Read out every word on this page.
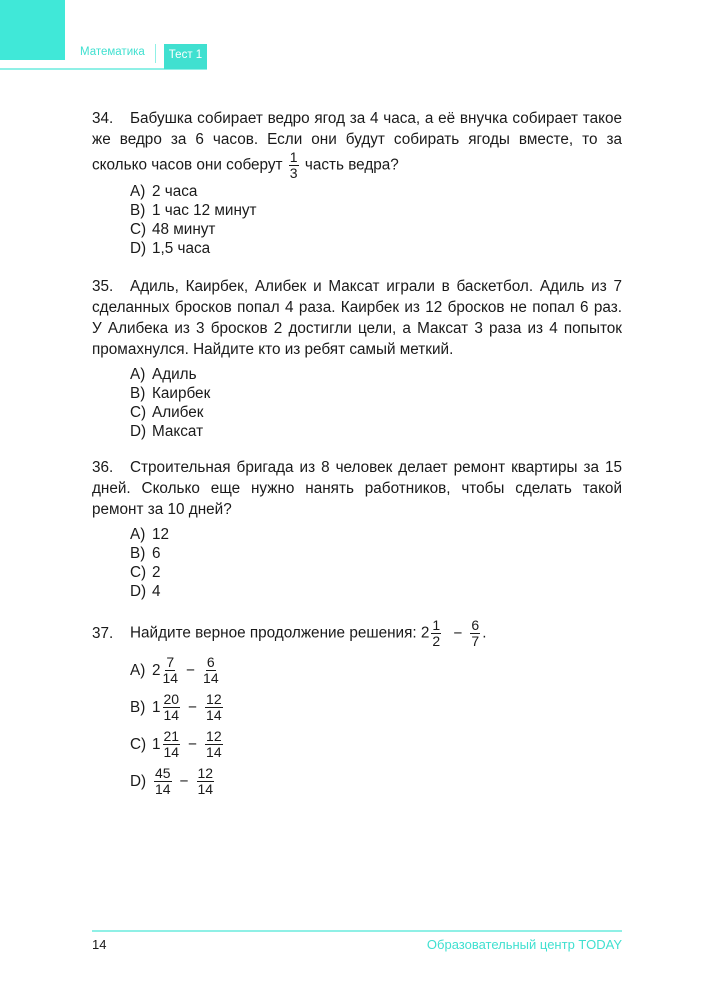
Математика	Тест 1
34. Бабушка собирает ведро ягод за 4 часа, а её внучка собирает такое же ведро за 6 часов. Если они будут собирать ягоды вместе, то за сколько часов они соберут $\frac{1}{3}$ часть ведра?
A) 2 часа
B) 1 час 12 минут
C) 48 минут
D) 1,5 часа
35. Адиль, Каирбек, Алибек и Максат играли в баскетбол. Адиль из 7 сделанных бросков попал 4 раза. Каирбек из 12 бросков не попал 6 раз. У Алибека из 3 бросков 2 достигли цели, а Максат 3 раза из 4 попыток промахнулся. Найдите кто из ребят самый меткий.
A) Адиль
B) Каирбек
C) Алибек
D) Максат
36. Строительная бригада из 8 человек делает ремонт квартиры за 15 дней. Сколько еще нужно нанять работников, чтобы сделать такой ремонт за 10 дней?
A) 12
B) 6
C) 2
D) 4
37. Найдите верное продолжение решения: $2 \frac{1}{2} - \frac{6}{7}$ .
A) $2 \frac{7}{14} - \frac{6}{14}$
B) $1 \frac{20}{14} - \frac{12}{14}$
C) $1 \frac{21}{14} - \frac{12}{14}$
$D) \frac{45}{14} - \frac{12}{14}$
14	Образовательный центр TODAY
